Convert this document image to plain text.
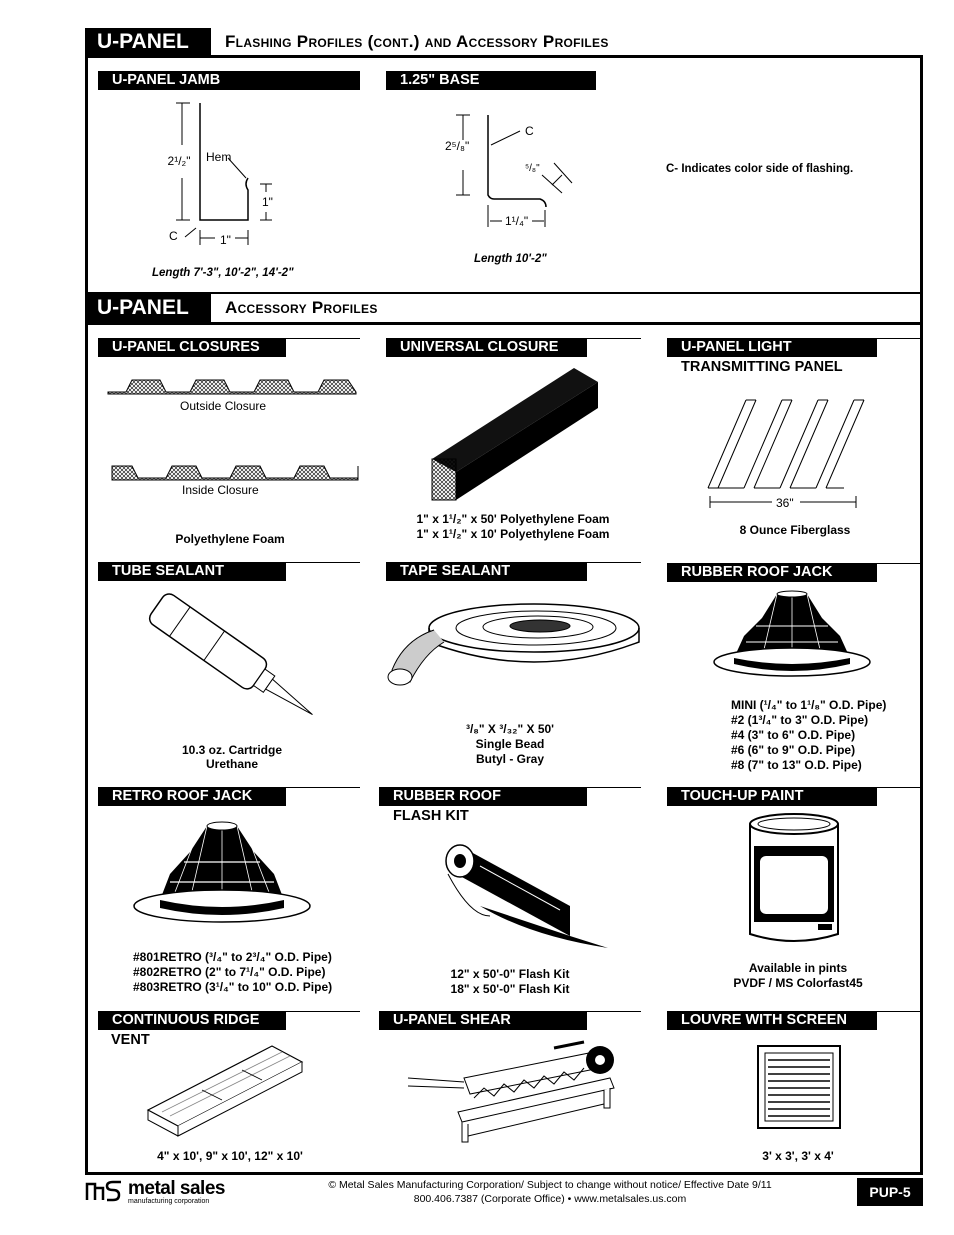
U-PANEL	Flashing Profiles (cont.) and Accessory Profiles
U-PANEL JAMB	1.25" BASE
2¹/₂" Hem
1"
1"
C
Length 7'-3", 10'-2", 14'-2"
2⁵/₈"
C
⁵/₈"
1¹/₄"
Length 10'-2"
C- Indicates color side of flashing.
U-PANEL	Accessory Profiles
U-PANEL CLOSURES	UNIVERSAL CLOSURE	U-PANEL LIGHT
TRANSMITTING PANEL
Outside Closure
Inside Closure
Polyethylene Foam
1" x 1¹/₂" x 50' Polyethylene Foam
1" x 1¹/₂" x 10' Polyethylene Foam
36"
8 Ounce Fiberglass
TUBE SEALANT	TAPE SEALANT	RUBBER ROOF JACK
10.3 oz. Cartridge
Urethane
³/₈" X ³/₃₂" X 50'
Single Bead
Butyl - Gray
MINI (¹/₄" to 1¹/₈" O.D. Pipe)
#2 (1³/₄" to 3" O.D. Pipe)
#4 (3" to 6" O.D. Pipe)
#6 (6" to 9" O.D. Pipe)
#8 (7" to 13" O.D. Pipe)
RETRO ROOF JACK	RUBBER ROOF
FLASH KIT
TOUCH-UP PAINT
#801RETRO (³/₄" to 2³/₄" O.D. Pipe)
#802RETRO (2" to 7¹/₄" O.D. Pipe)
#803RETRO (3¹/₄" to 10" O.D. Pipe)
12" x 50'-0" Flash Kit
18" x 50'-0" Flash Kit
Available in pints
PVDF / MS Colorfast45
CONTINUOUS RIDGE
VENT
U-PANEL SHEAR	LOUVRE WITH SCREEN
4" x 10', 9" x 10', 12" x 10'	3' x 3', 3' x 4'
metal sales
manufacturing corporation
© Metal Sales Manufacturing Corporation/ Subject to change without notice/ Effective Date 9/11
800.406.7387 (Corporate Office) • www.metalsales.us.com	PUP-5
